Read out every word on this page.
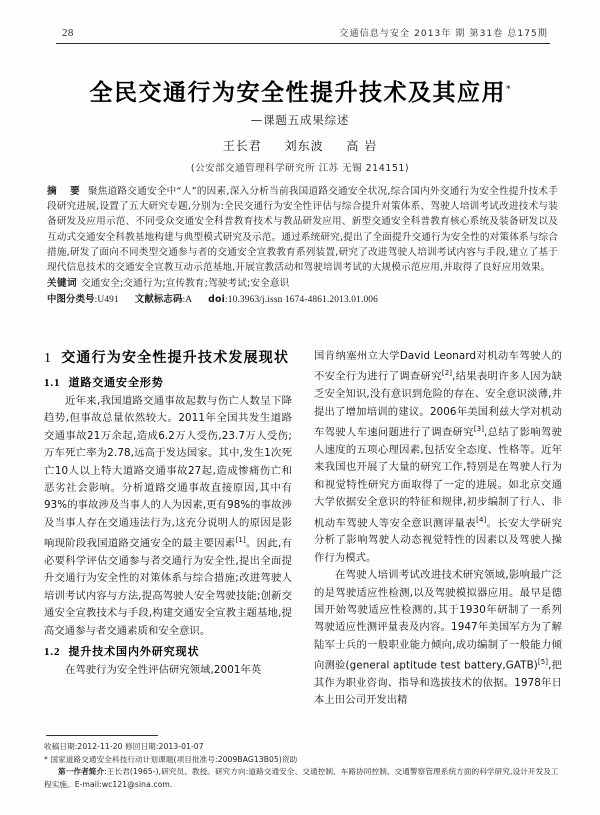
28	交通信息与安全 2013年 期 第31卷 总175期
全民交通行为安全性提升技术及其应用*
—课题五成果综述
王长君 刘东波 高 岩
(公安部交通管理科学研究所 江苏 无锡 214151)
摘 要 聚焦道路交通安全中“人”的因素,深入分析当前我国道路交通安全状况,综合国内外交通行为安全性提升技术手段研究进展,设置了五大研究专题,分别为:全民交通行为安全性评估与综合提升对策体系、驾驶人培训考试改进技术与装备研发及应用示范、不同受众交通安全科普教育技术与教品研发应用、新型交通安全科普教育核心系统及装备研发以及互动式交通安全科教基地构建与典型模式研究及示范。通过系统研究,提出了全面提升交通行为安全性的对策体系与综合措施,研发了面向不同类型交通参与者的交通安全宣教教育系列装置,研究了改进驾驶人培训考试内容与手段,建立了基于现代信息技术的交通安全宣教互动示范基地,开展宣教活动和驾驶培训考试的大规模示范应用,并取得了良好应用效果。
关键词 交通安全;交通行为;宣传教育;驾驶考试;安全意识
中图分类号:U491 文献标志码:A doi:10.3963/j.issn 1674-4861.2013.01.006
1 交通行为安全性提升技术发展现状
1.1 道路交通安全形势

近年来,我国道路交通事故起数与伤亡人数呈下降趋势,但事故总量依然较大。2011年全国共发生道路交通事故21万余起,造成6.2万人受伤,23.7万人受伤;万车死亡率为2.78,远高于发达国家。其中,发生1次死亡10人以上特大道路交通事故27起,造成惨痛伤亡和恶劣社会影响。分析道路交通事故直接原因,其中有93%的事故涉及当事人的人为因素,更有98%的事故涉及当事人存在交通违法行为,这充分说明人的原因是影响现阶段我国道路交通安全的最主要因素[1]。因此,有必要科学评估交通参与者交通行为安全性,提出全面提升交通行为安全性的对策体系与综合措施;改进驾驶人培训考试内容与方法,提高驾驶人安全驾驶技能;创新交通安全宣教技术与手段,构建交通安全宣教主题基地,提高交通参与者交通素质和安全意识。

1.2 提升技术国内外研究现状

在驾驶行为安全性评估研究领域,2001年英

国肯纳塞州立大学David Leonard对机动车驾驶人的不安全行为进行了调查研究[2],结果表明许多人因为缺乏安全知识,没有意识到危险的存在、安全意识淡薄,并提出了增加培训的建议。2006年美国利兹大学对机动车驾驶人车速问题进行了调查研究[3],总结了影响驾驶人速度的五项心理因素,包括安全态度、性格等。近年来我国也开展了大量的研究工作,特别是在驾驶人行为和视觉特性研究方面取得了一定的进展。如北京交通大学依据安全意识的特征和规律,初步编制了行人、非机动车驾驶人等安全意识测评量表[4]。长安大学研究分析了影响驾驶人动态视觉特性的因素以及驾驶人操作行为模式。

在驾驶人培训考试改进技术研究领域,影响最广泛的是驾驶适应性检测,以及驾驶模拟器应用。最早是德国开始驾驶适应性检测的,其于1930年研制了一系列驾驶适应性测评量表及内容。1947年美国军方为了解陆军士兵的一般职业能力倾向,成功编制了一般能力倾向测验(general aptitude test battery,GATB)[5],把其作为职业咨询、指导和选拔技术的依据。1978年日本上田公司开发出精

收稿日期:2012-11-20 修回日期:2013-01-07

* 国家道路交通安全科技行动计划课题(项目批准号:2009BAG13B05)资助

第一作者简介:王长君(1965-),研究员、教授。研究方向:道路交通安全、交通控制、车路协同控制、交通警察管理系统方面的科学研究,设计开发及工程实施。E-mail:wc121@sina.com.
